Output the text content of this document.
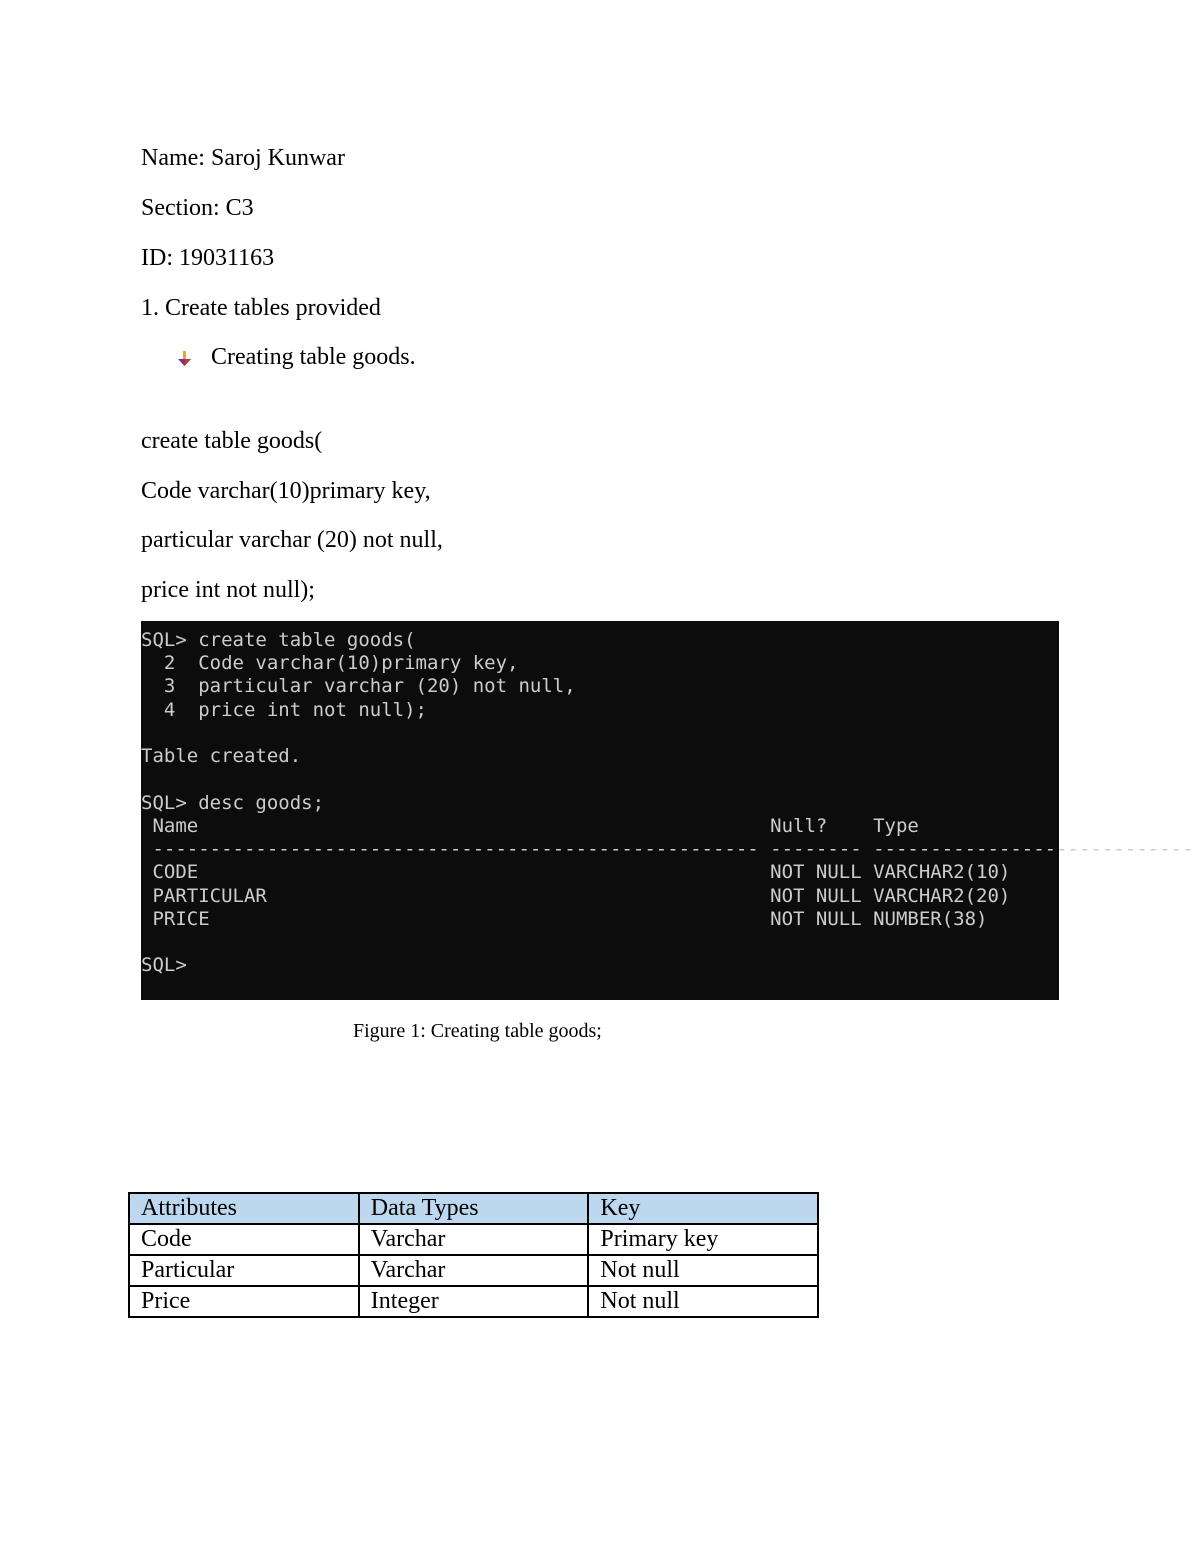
Name: Saroj Kunwar
Section: C3
ID: 19031163
1. Create tables provided
Creating table goods.
create table goods(
Code varchar(10)primary key,
particular varchar (20) not null,
price int not null);
SQL> create table goods(
2  Code varchar(10)primary key,
3  particular varchar (20) not null,
4  price int not null);
Table created.
SQL> desc goods;
Name                                                  Null?    Type
----------------------------------------------------- -------- ----------------------------
CODE                                                  NOT NULL VARCHAR2(10)
PARTICULAR                                            NOT NULL VARCHAR2(20)
PRICE                                                 NOT NULL NUMBER(38)
SQL>
Figure 1: Creating table goods;
Attributes	Data Types	Key
Code	Varchar	Primary key
Particular	Varchar	Not null
Price	Integer	Not null
